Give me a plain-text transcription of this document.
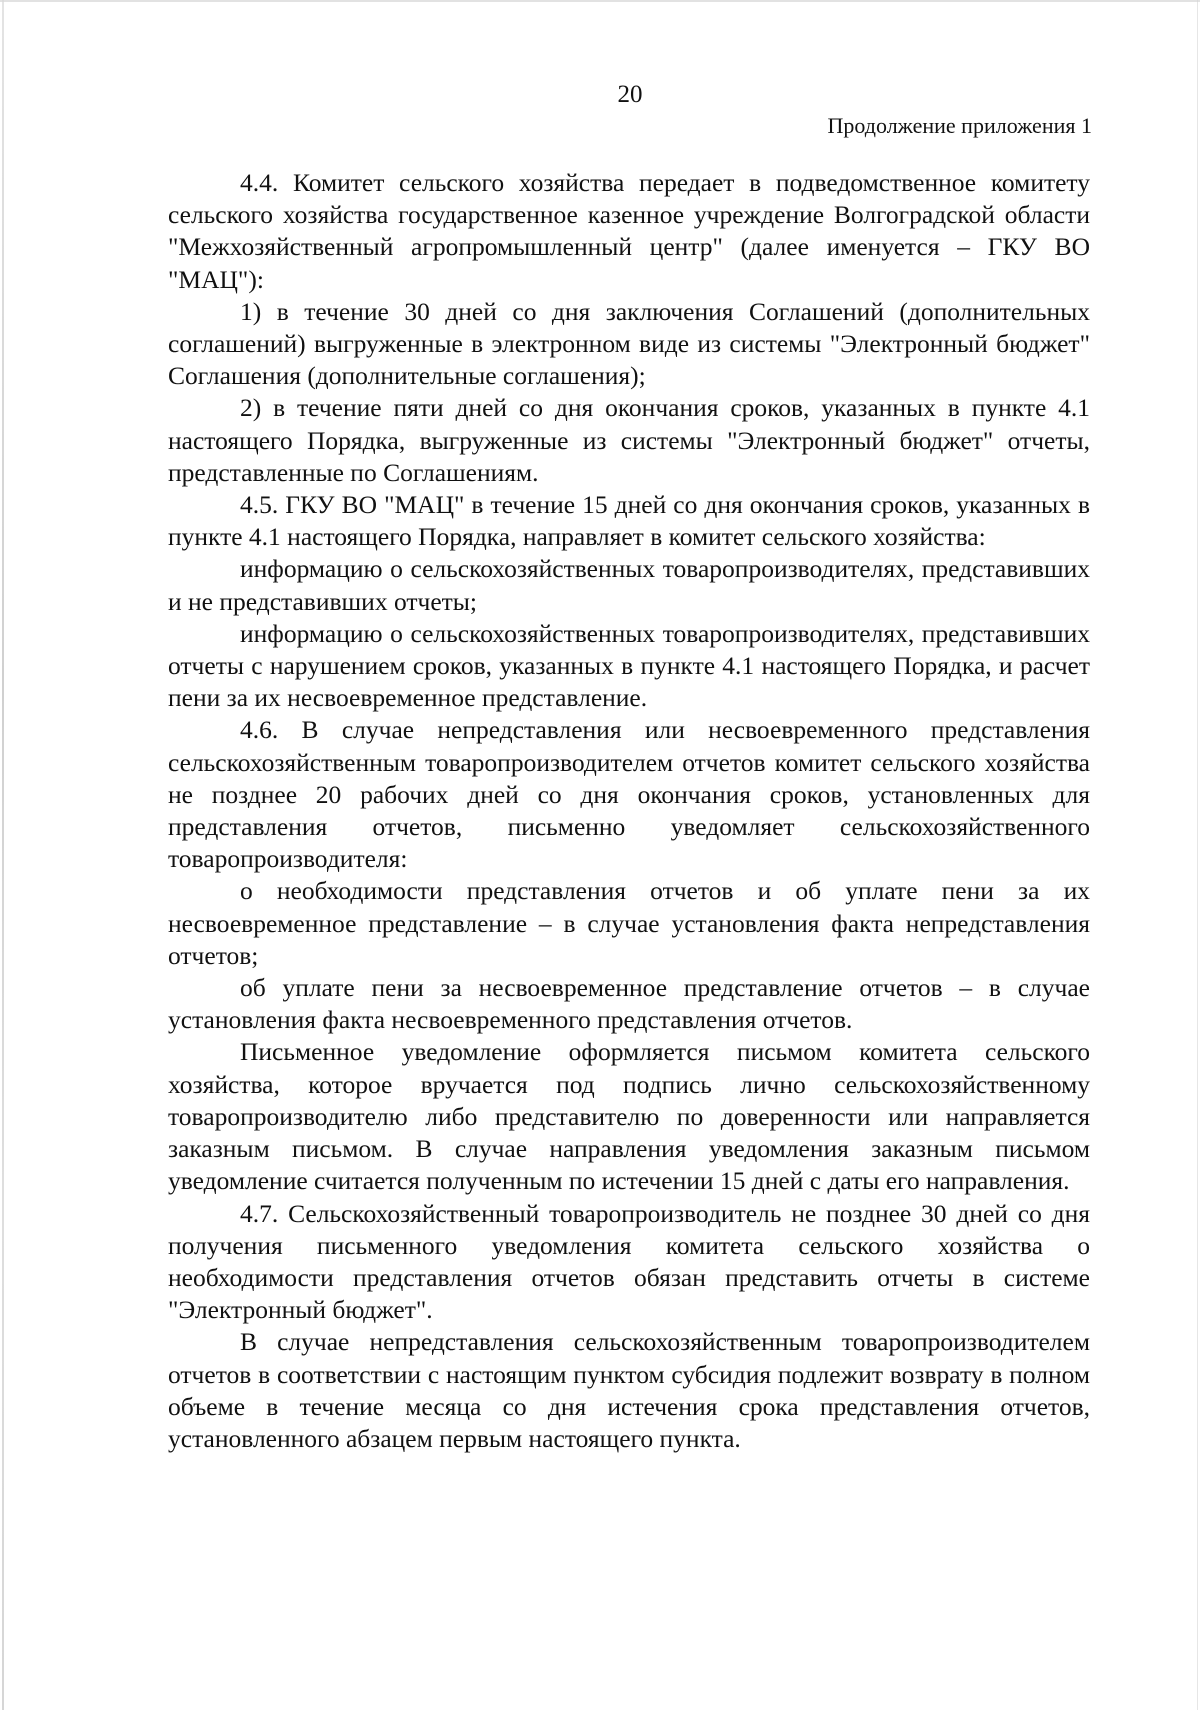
20
Продолжение приложения 1

4.4. Комитет сельского хозяйства передает в подведомственное комитету сельского хозяйства государственное казенное учреждение Волгоградской области "Межхозяйственный агропромышленный центр" (далее именуется – ГКУ ВО "МАЦ"):

1) в течение 30 дней со дня заключения Соглашений (дополнительных соглашений) выгруженные в электронном виде из системы "Электронный бюджет" Соглашения (дополнительные соглашения);

2) в течение пяти дней со дня окончания сроков, указанных в пункте 4.1 настоящего Порядка, выгруженные из системы "Электронный бюджет" отчеты, представленные по Соглашениям.

4.5. ГКУ ВО "МАЦ" в течение 15 дней со дня окончания сроков, указанных в пункте 4.1 настоящего Порядка, направляет в комитет сельского хозяйства:

информацию о сельскохозяйственных товаропроизводителях, представивших и не представивших отчеты;

информацию о сельскохозяйственных товаропроизводителях, представивших отчеты с нарушением сроков, указанных в пункте 4.1 настоящего Порядка, и расчет пени за их несвоевременное представление.

4.6. В случае непредставления или несвоевременного представления сельскохозяйственным товаропроизводителем отчетов комитет сельского хозяйства не позднее 20 рабочих дней со дня окончания сроков, установленных для представления отчетов, письменно уведомляет сельскохозяйственного товаропроизводителя:

о необходимости представления отчетов и об уплате пени за их несвоевременное представление – в случае установления факта непредставления отчетов;

об уплате пени за несвоевременное представление отчетов – в случае установления факта несвоевременного представления отчетов.

Письменное уведомление оформляется письмом комитета сельского хозяйства, которое вручается под подпись лично сельскохозяйственному товаропроизводителю либо представителю по доверенности или направляется заказным письмом. В случае направления уведомления заказным письмом уведомление считается полученным по истечении 15 дней с даты его направления.

4.7. Сельскохозяйственный товаропроизводитель не позднее 30 дней со дня получения письменного уведомления комитета сельского хозяйства о необходимости представления отчетов обязан представить отчеты в системе "Электронный бюджет".

В случае непредставления сельскохозяйственным товаропроизводителем отчетов в соответствии с настоящим пунктом субсидия подлежит возврату в полном объеме в течение месяца со дня истечения срока представления отчетов, установленного абзацем первым настоящего пункта.
